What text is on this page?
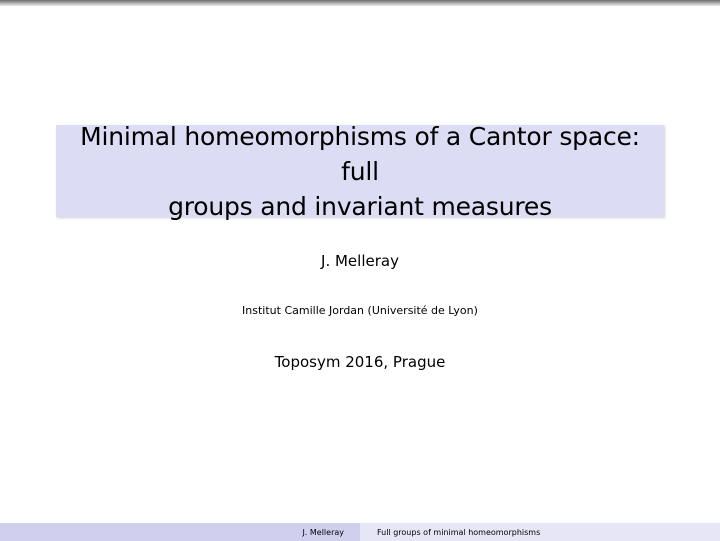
Minimal homeomorphisms of a Cantor space: full
groups and invariant measures
J. Melleray
Institut Camille Jordan (Université de Lyon)
Toposym 2016, Prague
J. Melleray	Full groups of minimal homeomorphisms
